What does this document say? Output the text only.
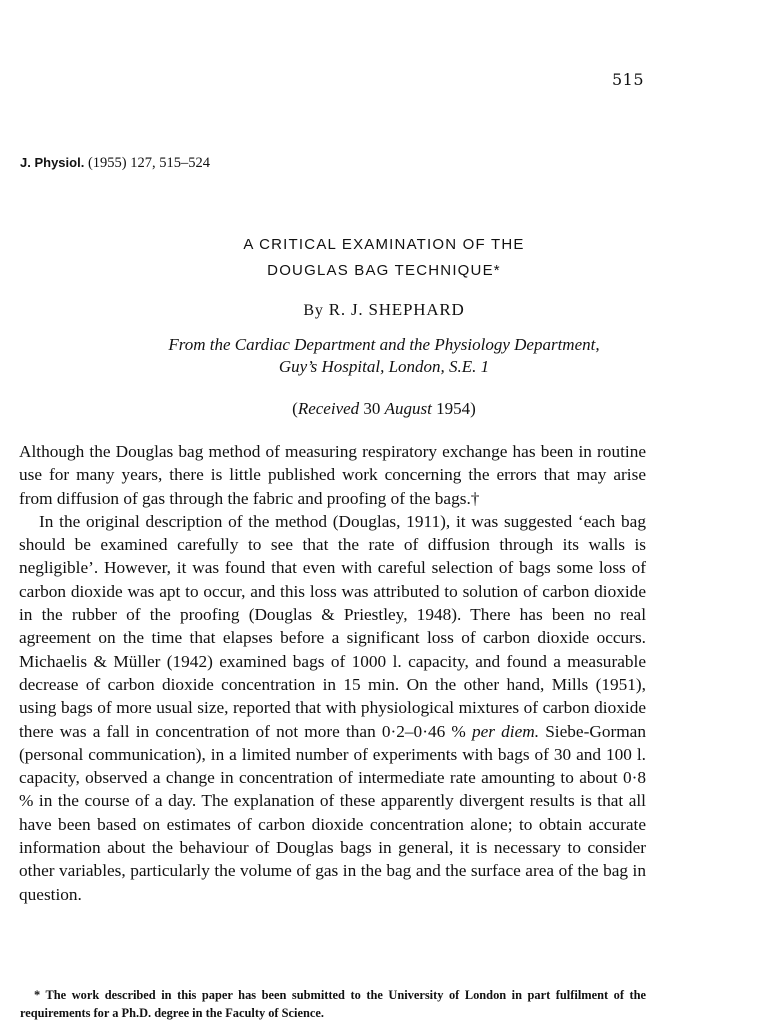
515
J. Physiol. (1955) 127, 515–524
A CRITICAL EXAMINATION OF THE
DOUGLAS BAG TECHNIQUE*
By R. J. SHEPHARD
From the Cardiac Department and the Physiology Department,
Guy’s Hospital, London, S.E. 1
(Received 30 August 1954)

Although the Douglas bag method of measuring respiratory exchange has been in routine use for many years, there is little published work concerning the errors that may arise from diffusion of gas through the fabric and proofing of the bags.†

In the original description of the method (Douglas, 1911), it was suggested ‘each bag should be examined carefully to see that the rate of diffusion through its walls is negligible’. However, it was found that even with careful selection of bags some loss of carbon dioxide was apt to occur, and this loss was attributed to solution of carbon dioxide in the rubber of the proofing (Douglas & Priestley, 1948). There has been no real agreement on the time that elapses before a significant loss of carbon dioxide occurs. Michaelis & Müller (1942) examined bags of 1000 l. capacity, and found a measurable decrease of carbon dioxide concentration in 15 min. On the other hand, Mills (1951), using bags of more usual size, reported that with physiological mixtures of carbon dioxide there was a fall in concentration of not more than 0·2–0·46 % per diem. Siebe-Gorman (personal communication), in a limited number of experiments with bags of 30 and 100 l. capacity, observed a change in concentration of intermediate rate amounting to about 0·8 % in the course of a day. The explanation of these apparently divergent results is that all have been based on estimates of carbon dioxide concentration alone; to obtain accurate information about the behaviour of Douglas bags in general, it is necessary to consider other variables, particularly the volume of gas in the bag and the surface area of the bag in question.

* The work described in this paper has been submitted to the University of London in part fulfilment of the requirements for a Ph.D. degree in the Faculty of Science.
